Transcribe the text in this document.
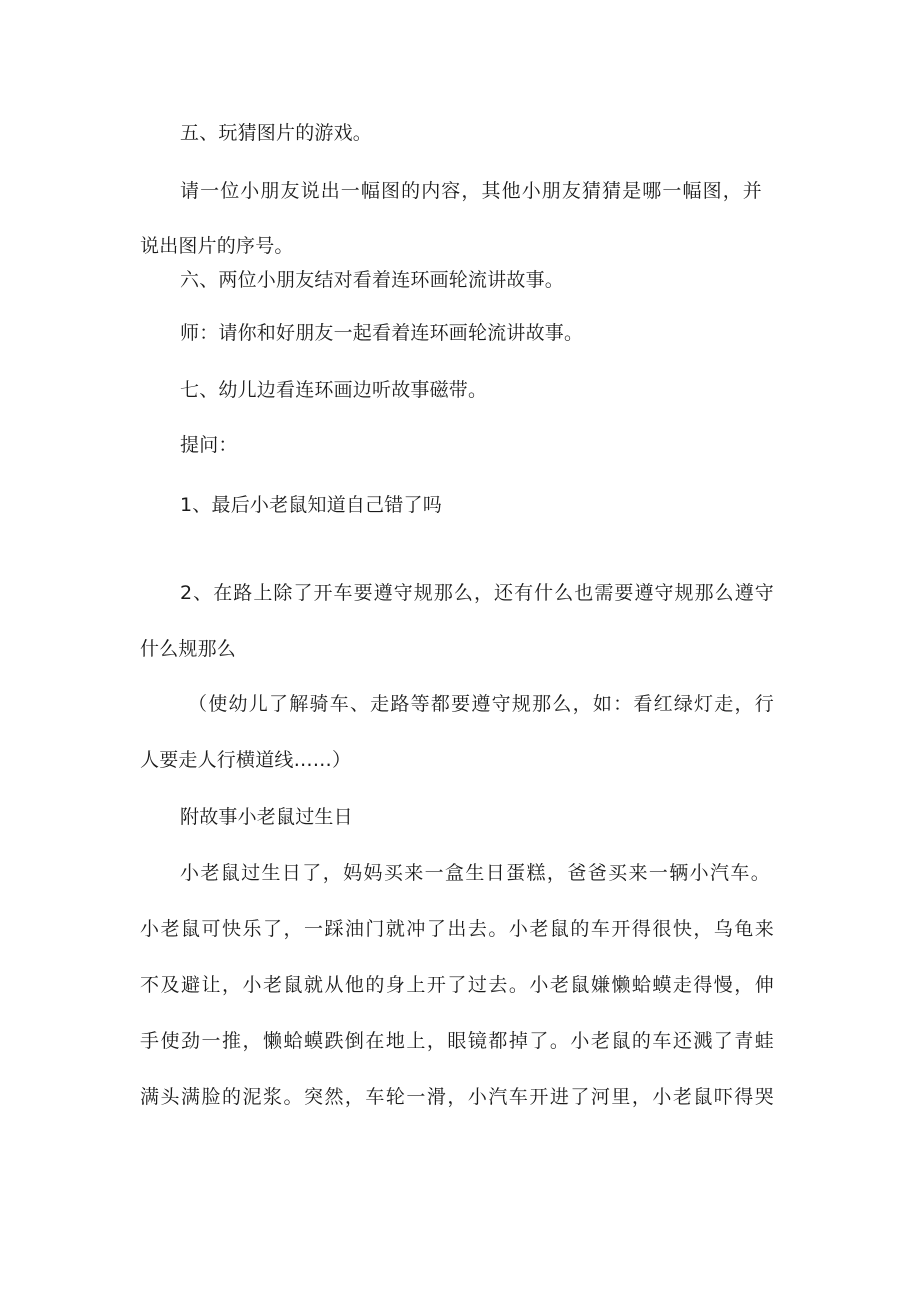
五、玩猜图片的游戏。
请一位小朋友说出一幅图的内容，其他小朋友猜猜是哪一幅图，并
说出图片的序号。
六、两位小朋友结对看着连环画轮流讲故事。
师：请你和好朋友一起看着连环画轮流讲故事。
七、幼儿边看连环画边听故事磁带。
提问：
1、最后小老鼠知道自己错了吗
2、在路上除了开车要遵守规那么，还有什么也需要遵守规那么遵守
什么规那么
（使幼儿了解骑车、走路等都要遵守规那么，如：看红绿灯走，行
人要走人行横道线……）
附故事小老鼠过生日
小老鼠过生日了，妈妈买来一盒生日蛋糕，爸爸买来一辆小汽车。
小老鼠可快乐了，一踩油门就冲了出去。小老鼠的车开得很快，乌龟来
不及避让，小老鼠就从他的身上开了过去。小老鼠嫌懒蛤蟆走得慢，伸
手使劲一推，懒蛤蟆跌倒在地上，眼镜都掉了。小老鼠的车还溅了青蛙
满头满脸的泥浆。突然，车轮一滑，小汽车开进了河里，小老鼠吓得哭
